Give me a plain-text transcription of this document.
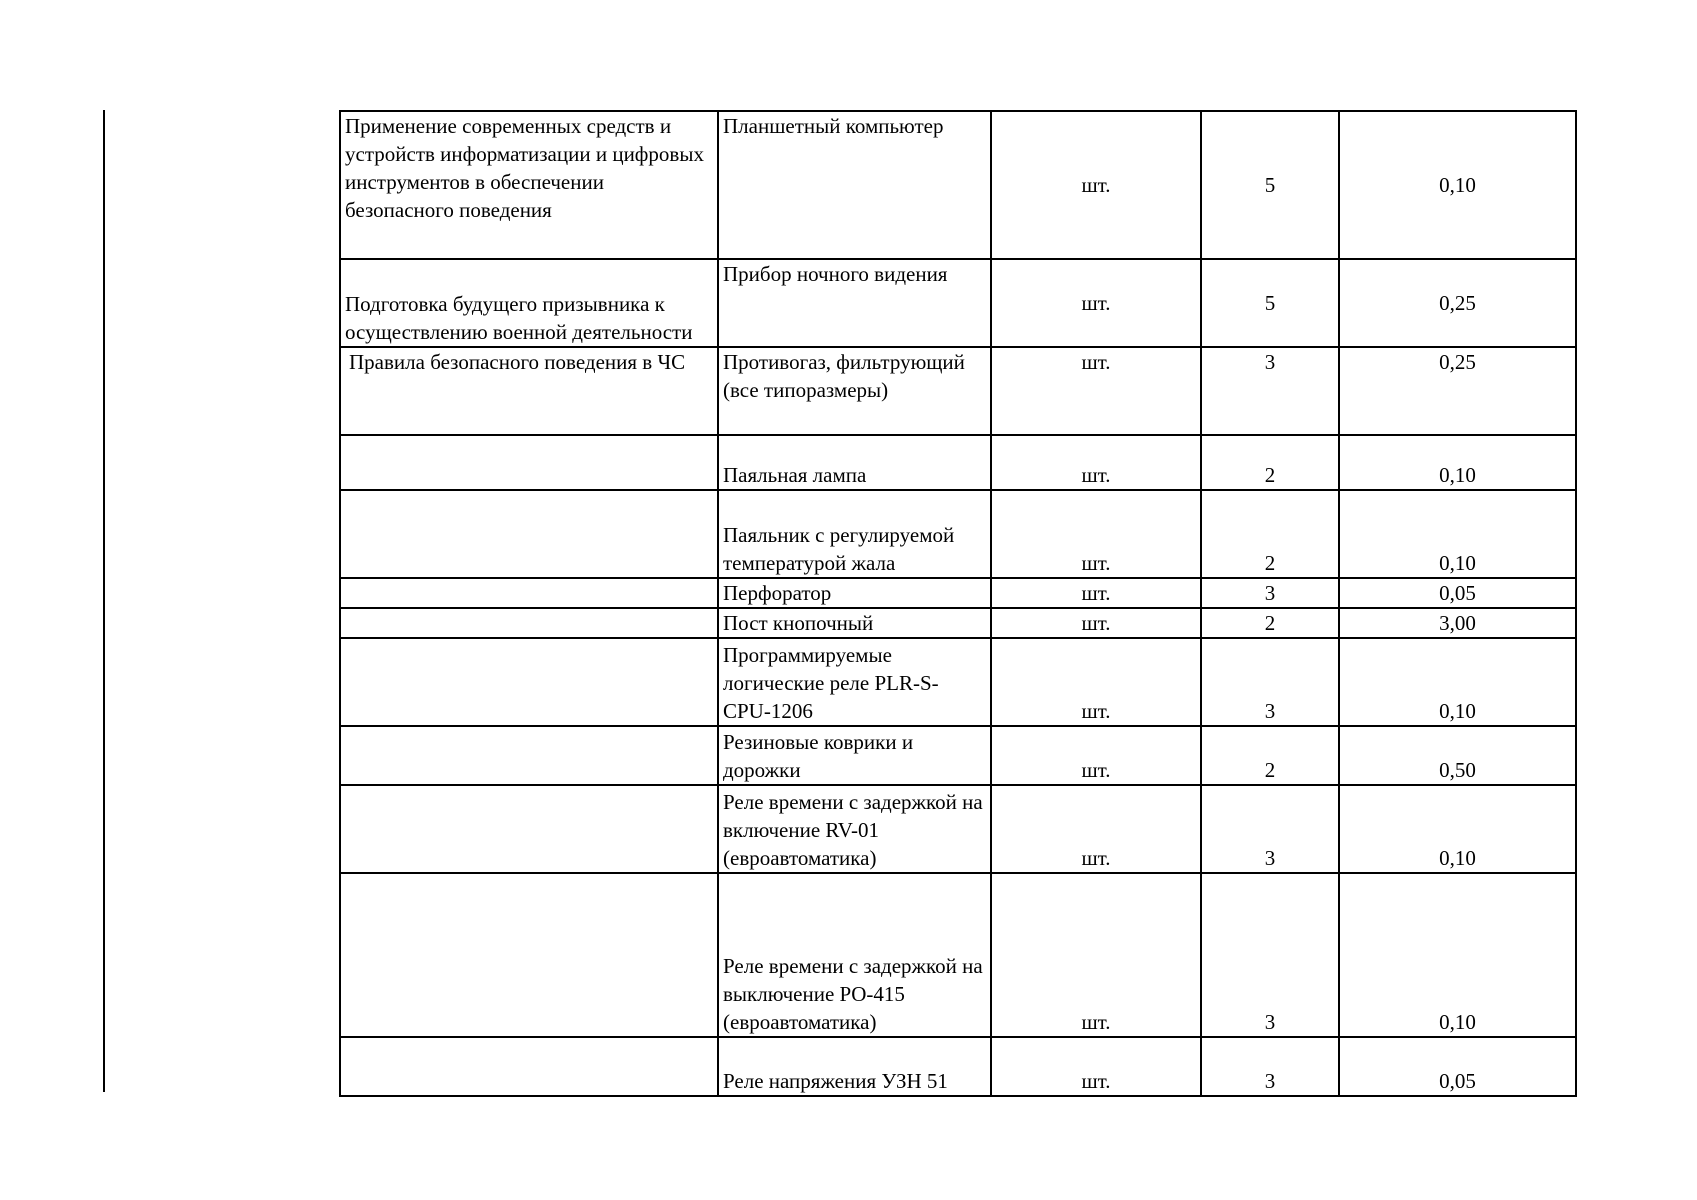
Применение современных средств и устройств информатизации и цифровых инструментов в обеспечении безопасного поведения	Планшетный компьютер	шт.	5	0,10
Подготовка будущего призывника к осуществлению военной деятельности	Прибор ночного видения	шт.	5	0,25
Правила безопасного поведения в ЧС	Противогаз, фильтрующий (все типоразмеры)	шт.	3	0,25
	Паяльная лампа	шт.	2	0,10
	Паяльник с регулируемой температурой жала	шт.	2	0,10
	Перфоратор	шт.	3	0,05
	Пост кнопочный	шт.	2	3,00
	Программируемые логические реле PLR-S-CPU-1206	шт.	3	0,10
	Резиновые коврики и дорожки	шт.	2	0,50
	Реле времени с задержкой на включение RV-01 (евроавтоматика)	шт.	3	0,10
	Реле времени с задержкой на выключение PO-415 (евроавтоматика)	шт.	3	0,10
	Реле напряжения УЗН 51	шт.	3	0,05
